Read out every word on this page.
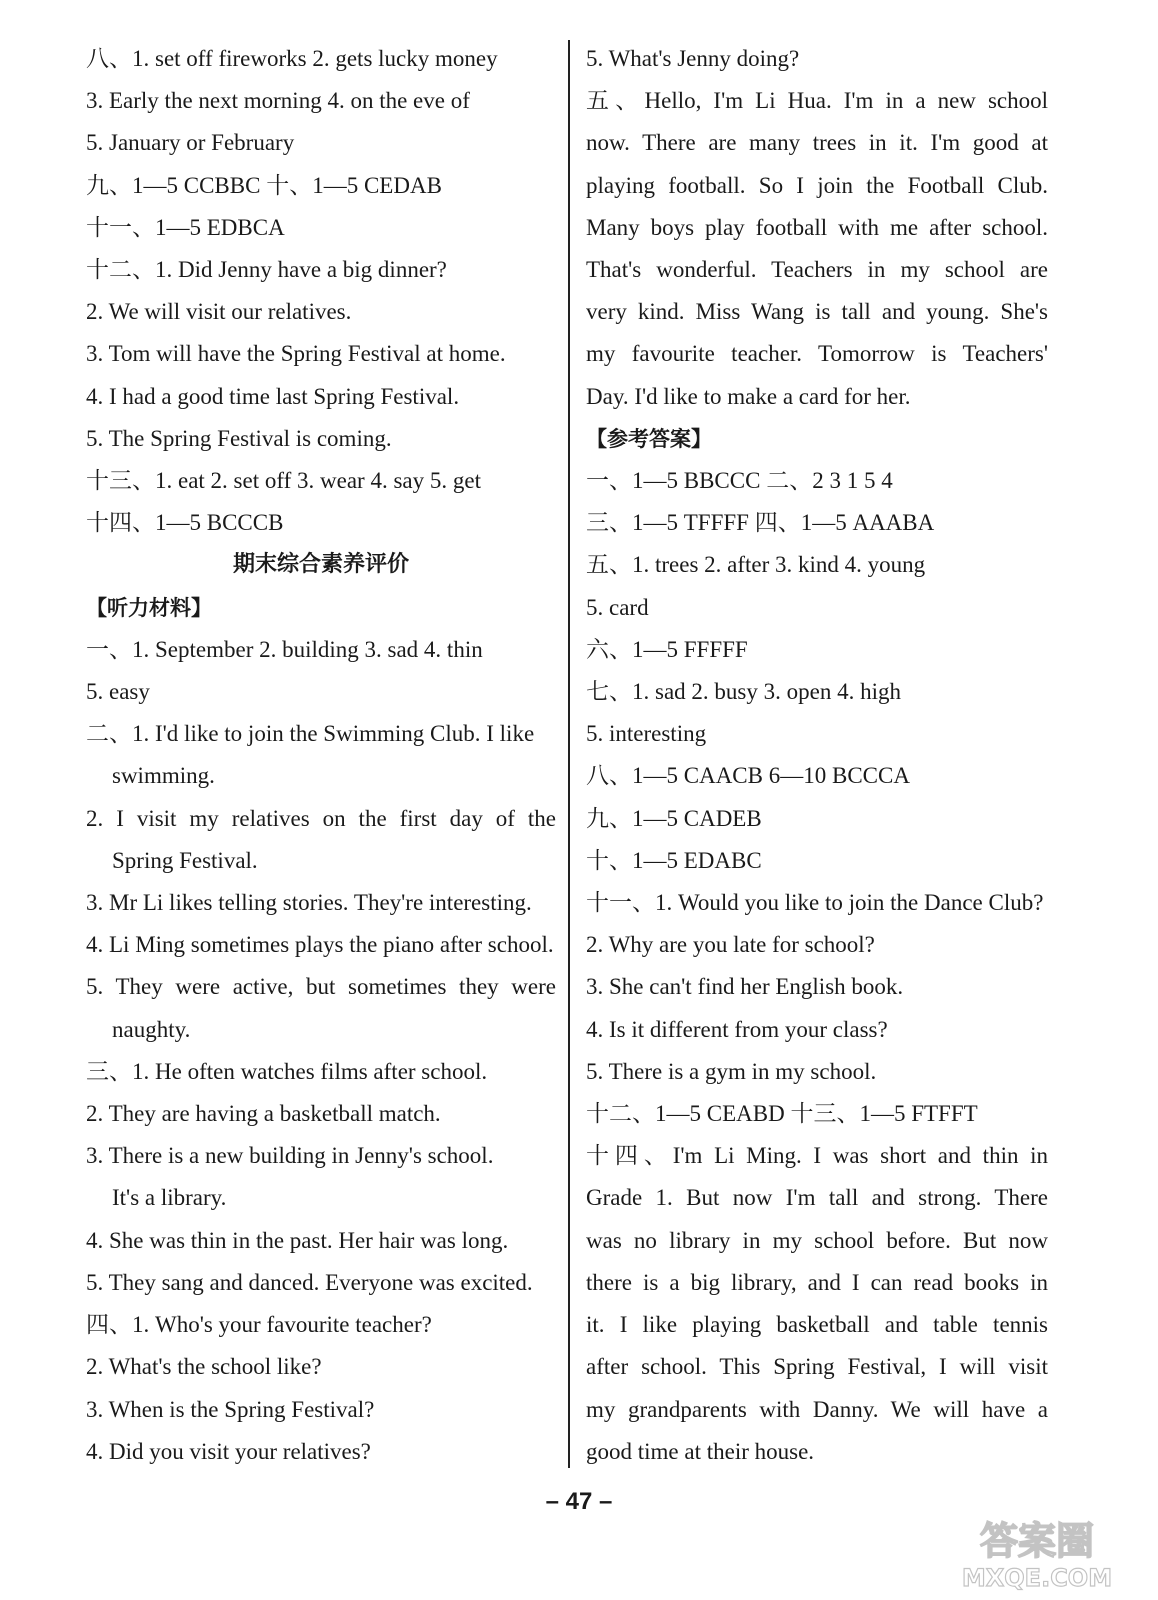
八、1. set off fireworks 2. gets lucky money
3. Early the next morning 4. on the eve of
5. January or February
九、1—5 CCBBC 十、1—5 CEDAB
十一、1—5 EDBCA
十二、1. Did Jenny have a big dinner?
2. We will visit our relatives.
3. Tom will have the Spring Festival at home.
4. I had a good time last Spring Festival.
5. The Spring Festival is coming.
十三、1. eat 2. set off 3. wear 4. say 5. get
十四、1—5 BCCCB
期末综合素养评价
【听力材料】
一、1. September 2. building 3. sad 4. thin
5. easy
二、1. I'd like to join the Swimming Club. I like
swimming.
2. I visit my relatives on the first day of the
Spring Festival.
3. Mr Li likes telling stories. They're interesting.
4. Li Ming sometimes plays the piano after school.
5. They were active, but sometimes they were
naughty.
三、1. He often watches films after school.
2. They are having a basketball match.
3. There is a new building in Jenny's school.
It's a library.
4. She was thin in the past. Her hair was long.
5. They sang and danced. Everyone was excited.
四、1. Who's your favourite teacher?
2. What's the school like?
3. When is the Spring Festival?
4. Did you visit your relatives?
5. What's Jenny doing?
五、Hello, I'm Li Hua. I'm in a new school
now. There are many trees in it. I'm good at
playing football. So I join the Football Club.
Many boys play football with me after school.
That's wonderful. Teachers in my school are
very kind. Miss Wang is tall and young. She's
my favourite teacher. Tomorrow is Teachers'
Day. I'd like to make a card for her.
【参考答案】
一、1—5 BBCCC 二、2 3 1 5 4
三、1—5 TFFFF 四、1—5 AAABA
五、1. trees 2. after 3. kind 4. young
5. card
六、1—5 FFFFF
七、1. sad 2. busy 3. open 4. high
5. interesting
八、1—5 CAACB 6—10 BCCCA
九、1—5 CADEB
十、1—5 EDABC
十一、1. Would you like to join the Dance Club?
2. Why are you late for school?
3. She can't find her English book.
4. Is it different from your class?
5. There is a gym in my school.
十二、1—5 CEABD 十三、1—5 FTFFT
十四、I'm Li Ming. I was short and thin in
Grade 1. But now I'm tall and strong. There
was no library in my school before. But now
there is a big library, and I can read books in
it. I like playing basketball and table tennis
after school. This Spring Festival, I will visit
my grandparents with Danny. We will have a
good time at their house.
– 47 –
答案圈
MXQE.COM
